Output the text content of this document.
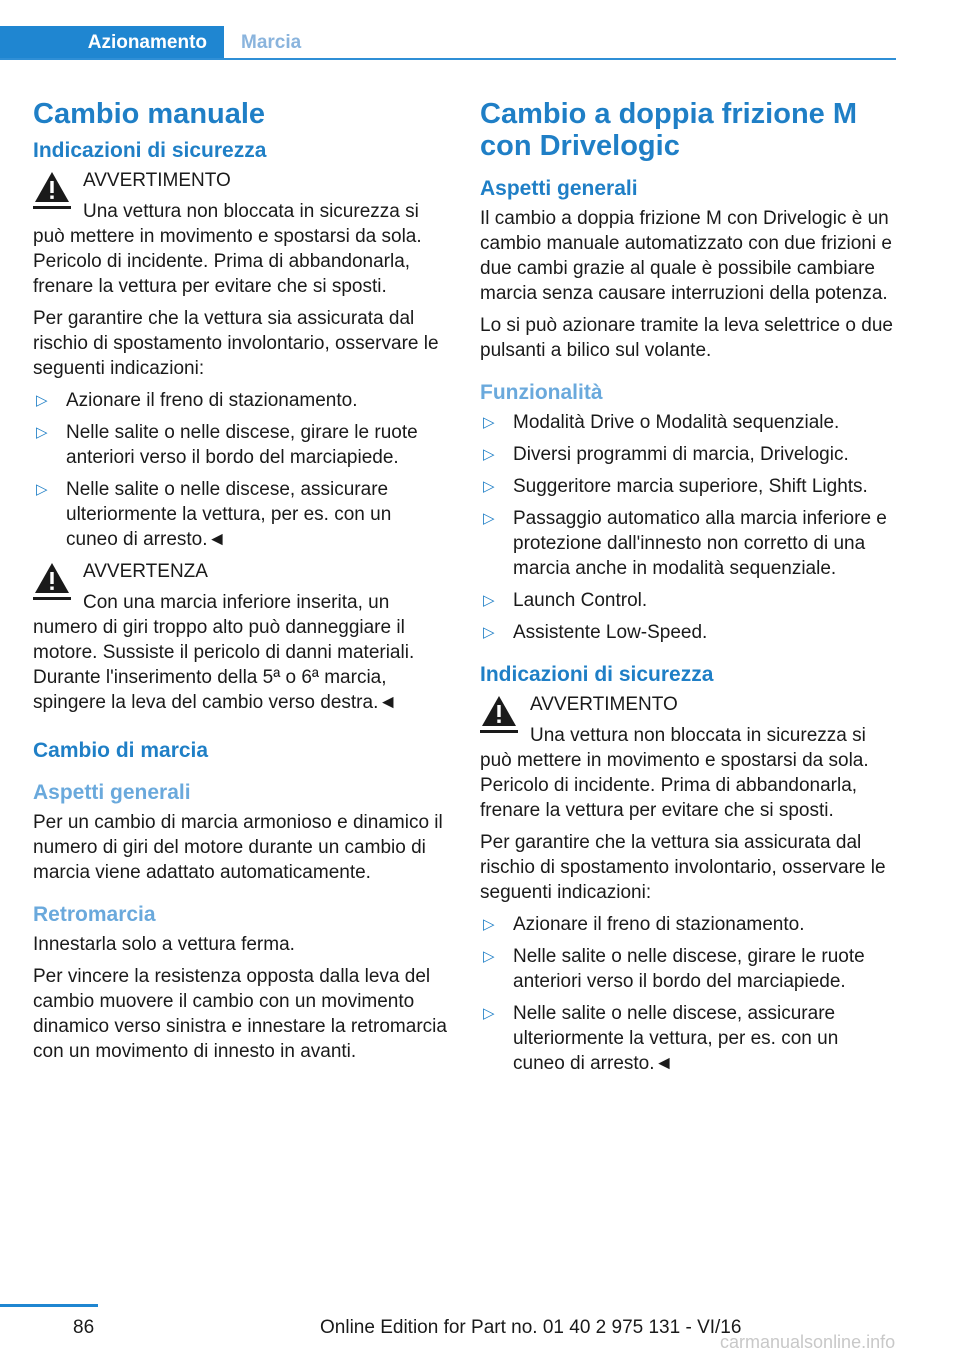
Azionamento	Marcia
Cambio manuale
Indicazioni di sicurezza
AVVERTIMENTO
Una vettura non bloccata in sicurezza si può mettere in movimento e spostarsi da sola. Pericolo di incidente. Prima di abbandonarla, frenare la vettura per evitare che si sposti.

Per garantire che la vettura sia assicurata dal rischio di spostamento involontario, osservare le seguenti indicazioni:

▷ Azionare il freno di stazionamento.
▷ Nelle salite o nelle discese, girare le ruote anteriori verso il bordo del marciapiede.
▷ Nelle salite o nelle discese, assicurare ulteriormente la vettura, per es. con un cuneo di arresto.◄
AVVERTENZA
Con una marcia inferiore inserita, un numero di giri troppo alto può danneggiare il motore. Sussiste il pericolo di danni materiali. Durante l'inserimento della 5ª o 6ª marcia, spingere la leva del cambio verso destra.◄
Cambio di marcia
Aspetti generali

Per un cambio di marcia armonioso e dinamico il numero di giri del motore durante un cambio di marcia viene adattato automaticamente.

Retromarcia

Innestarla solo a vettura ferma.

Per vincere la resistenza opposta dalla leva del cambio muovere il cambio con un movimento dinamico verso sinistra e innestare la retromarcia con un movimento di innesto in avanti.

Cambio a doppia frizione M con Drivelogic
Aspetti generali

Il cambio a doppia frizione M con Drivelogic è un cambio manuale automatizzato con due frizioni e due cambi grazie al quale è possibile cambiare marcia senza causare interruzioni della potenza.

Lo si può azionare tramite la leva selettrice o due pulsanti a bilico sul volante.

Funzionalità
▷ Modalità Drive o Modalità sequenziale.
▷ Diversi programmi di marcia, Drivelogic.
▷ Suggeritore marcia superiore, Shift Lights.
▷ Passaggio automatico alla marcia inferiore e protezione dall'innesto non corretto di una marcia anche in modalità sequenziale.
▷ Launch Control.
▷ Assistente Low-Speed.
Indicazioni di sicurezza
AVVERTIMENTO
Una vettura non bloccata in sicurezza si può mettere in movimento e spostarsi da sola. Pericolo di incidente. Prima di abbandonarla, frenare la vettura per evitare che si sposti.

Per garantire che la vettura sia assicurata dal rischio di spostamento involontario, osservare le seguenti indicazioni:

▷ Azionare il freno di stazionamento.
▷ Nelle salite o nelle discese, girare le ruote anteriori verso il bordo del marciapiede.
▷ Nelle salite o nelle discese, assicurare ulteriormente la vettura, per es. con un cuneo di arresto.◄
86	Online Edition for Part no. 01 40 2 975 131 - VI/16
carmanualsonline.info
